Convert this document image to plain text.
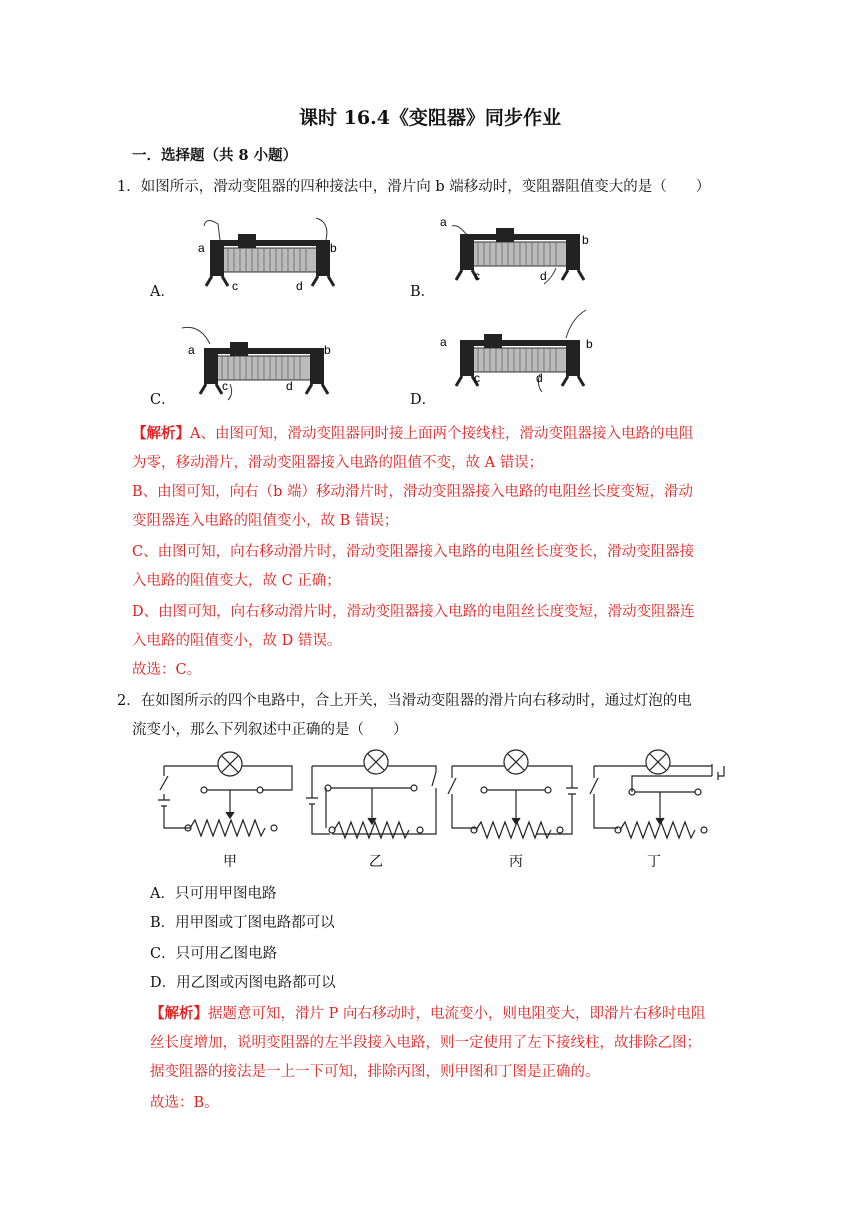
课时 16.4《变阻器》同步作业
一．选择题（共 8 小题）
1．如图所示，滑动变阻器的四种接法中，滑片向 b 端移动时，变阻器阻值变大的是（　　）
A．	B．
C．	D．
a	b
c	d
a
b
c	d
a	b
c	d
a	b
c	d
【解析】A、由图可知，滑动变阻器同时接上面两个接线柱，滑动变阻器接入电路的电阻
为零，移动滑片，滑动变阻器接入电路的阻值不变，故 A 错误；
B、由图可知，向右（b 端）移动滑片时，滑动变阻器接入电路的电阻丝长度变短，滑动
变阻器连入电路的阻值变小，故 B 错误；
C、由图可知，向右移动滑片时，滑动变阻器接入电路的电阻丝长度变长，滑动变阻器接
入电路的阻值变大，故 C 正确；
D、由图可知，向右移动滑片时，滑动变阻器接入电路的电阻丝长度变短，滑动变阻器连
入电路的阻值变小，故 D 错误。
故选：C。
2．在如图所示的四个电路中，合上开关，当滑动变阻器的滑片向右移动时，通过灯泡的电
流变小，那么下列叙述中正确的是（　　）
甲	乙	丙	丁
A．只可用甲图电路
B．用甲图或丁图电路都可以
C．只可用乙图电路
D．用乙图或丙图电路都可以
【解析】据题意可知，滑片 P 向右移动时，电流变小，则电阻变大，即滑片右移时电阻
丝长度增加，说明变阻器的左半段接入电路，则一定使用了左下接线柱，故排除乙图；
据变阻器的接法是一上一下可知，排除丙图，则甲图和丁图是正确的。
故选：B。
